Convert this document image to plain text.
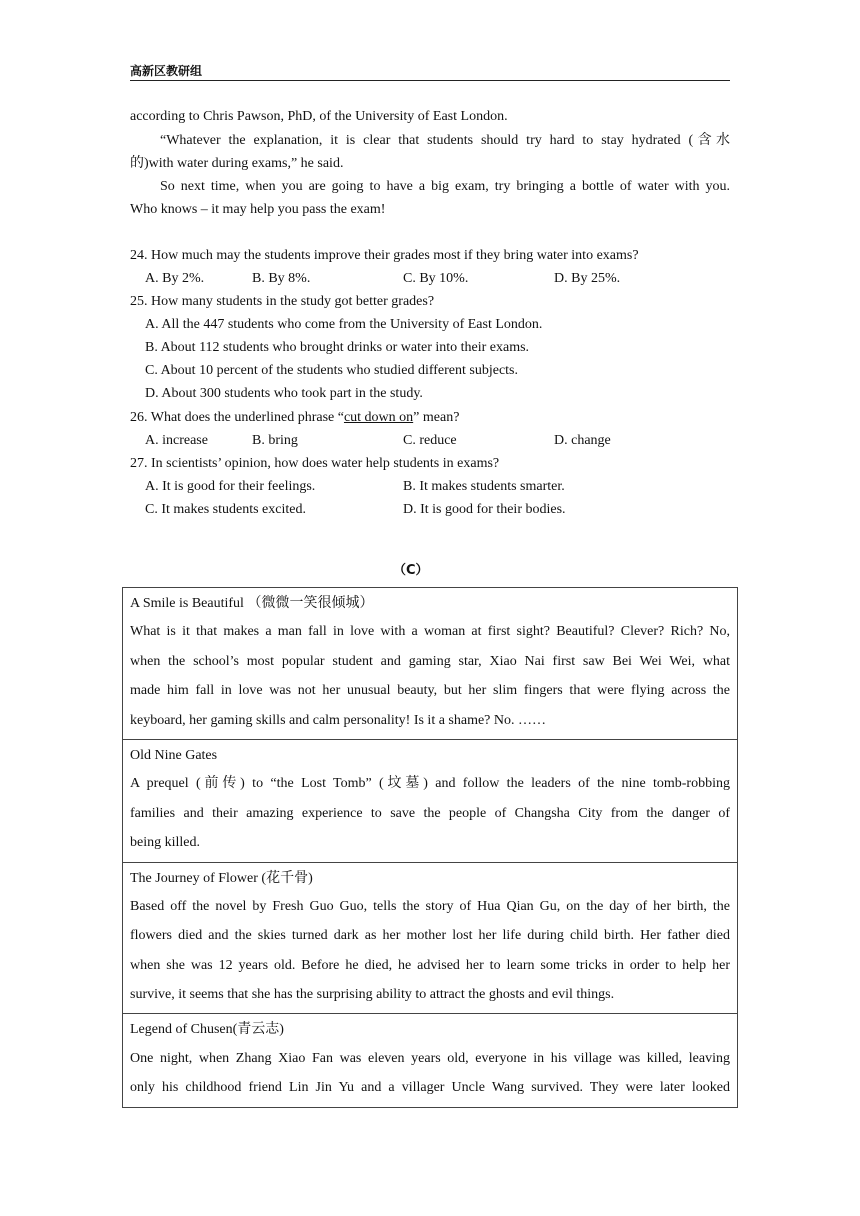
高新区教研组
according to Chris Pawson, PhD, of the University of East London.
“Whatever the explanation, it is clear that students should try hard to stay hydrated (含水
的)with water during exams,” he said.
So next time, when you are going to have a big exam, try bringing a bottle of water with you.
Who knows – it may help you pass the exam!
24. How much may the students improve their grades most if they bring water into exams?
A. By 2%.	B. By 8%.	C. By 10%.	D. By 25%.
25. How many students in the study got better grades?
A. All the 447 students who come from the University of East London.
B. About 112 students who brought drinks or water into their exams.
C. About 10 percent of the students who studied different subjects.
D. About 300 students who took part in the study.
26. What does the underlined phrase “cut down on” mean?
A. increase	B. bring	C. reduce	D. change
27. In scientists’ opinion, how does water help students in exams?
A. It is good for their feelings.	B. It makes students smarter.
C. It makes students excited.	D. It is good for their bodies.
（C）
A Smile is Beautiful （微微一笑很倾城）
What is it that makes a man fall in love with a woman at first sight? Beautiful? Clever? Rich? No,
when the school’s most popular student and gaming star, Xiao Nai first saw Bei Wei Wei, what
made him fall in love was not her unusual beauty, but her slim fingers that were flying across the
keyboard, her gaming skills and calm personality! Is it a shame? No. ……

Old Nine Gates
A prequel (前传) to “the Lost Tomb” (坟墓) and follow the leaders of the nine tomb-robbing
families and their amazing experience to save the people of Changsha City from the danger of
being killed.

The Journey of Flower (花千骨)
Based off the novel by Fresh Guo Guo, tells the story of Hua Qian Gu, on the day of her birth, the
flowers died and the skies turned dark as her mother lost her life during child birth. Her father died
when she was 12 years old. Before he died, he advised her to learn some tricks in order to help her
survive, it seems that she has the surprising ability to attract the ghosts and evil things.

Legend of Chusen(青云志)
One night, when Zhang Xiao Fan was eleven years old, everyone in his village was killed, leaving
only his childhood friend Lin Jin Yu and a villager Uncle Wang survived. They were later looked
